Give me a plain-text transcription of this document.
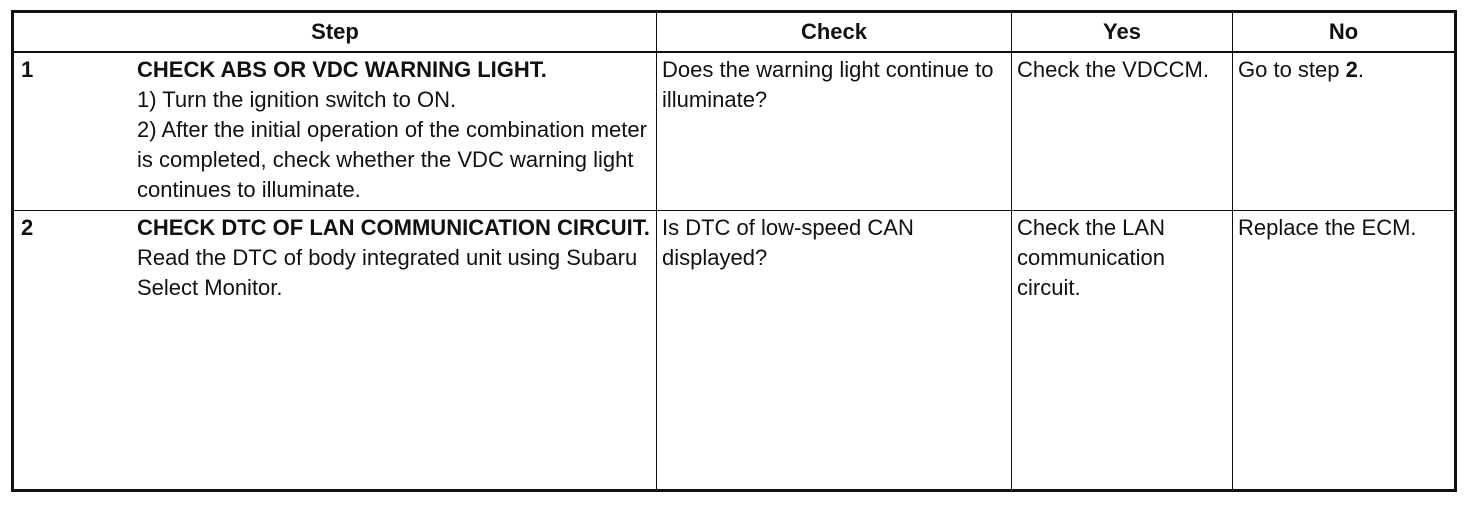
Step	Check	Yes	No

1 CHECK ABS OR VDC WARNING LIGHT.
1) Turn the ignition switch to ON.
2) After the initial operation of the combination meter is completed, check whether the VDC warning light continues to illuminate.	Does the warning light continue to illuminate?	Check the VDCCM.	Go to step 2.

2 CHECK DTC OF LAN COMMUNICATION CIRCUIT.
Read the DTC of body integrated unit using Subaru Select Monitor.	Is DTC of low-speed CAN displayed?	Check the LAN communication circuit.	Replace the ECM.
